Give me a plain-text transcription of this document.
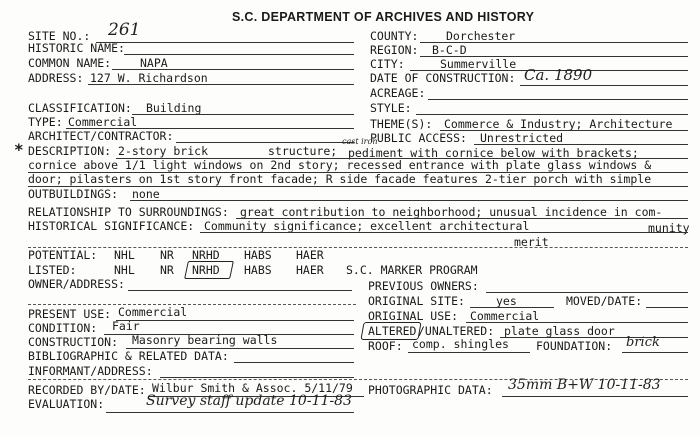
S.C. DEPARTMENT OF ARCHIVES AND HISTORY
SITE NO.: 261
HISTORIC NAME:
COMMON NAME:	NAPA
ADDRESS: 127 W. Richardson
COUNTY: Dorchester
REGION: B-C-D
CITY:	Summerville
DATE OF CONSTRUCTION: Ca. 1890
ACREAGE:
CLASSIFICATION: Building	STYLE:
TYPE: Commercial	THEME(S): Commerce & Industry; Architecture
ARCHITECT/CONTRACTOR:	PUBLIC ACCESS: Unrestricted
* DESCRIPTION: 2-story brick	structure;
cast iron
pediment with cornice below with brackets;
cornice above 1/1 light windows on 2nd story; recessed entrance with plate glass windows &
door; pilasters on 1st story front facade; R side facade features 2-tier porch with simple
OUTBUILDINGS: none
RELATIONSHIP TO SURROUNDINGS: great contribution to neighborhood; unusual incidence in com-
munity
HISTORICAL SIGNIFICANCE: Community significance; excellent architectural
merit
POTENTIAL: NHL NR NRHD HABS HAER
LISTED:	NHL NR NRHD HABS HAER S.C. MARKER PROGRAM
OWNER/ADDRESS:	PREVIOUS OWNERS:
ORIGINAL SITE:	yes	MOVED/DATE:
PRESENT USE: Commercial	ORIGINAL USE: Commercial
CONDITION: Fair	ALTERED /UNALTERED: plate glass door
CONSTRUCTION: Masonry bearing walls	ROOF: comp. shingles FOUNDATION: brick
BIBLIOGRAPHIC & RELATED DATA:
INFORMANT/ADDRESS:
RECORDED BY/DATE: Wilbur Smith & Assoc. 5/11/79 PHOTOGRAPHIC DATA: 35mm B+W 10-11-83
EVALUATION:	Survey staff update 10-11-83
